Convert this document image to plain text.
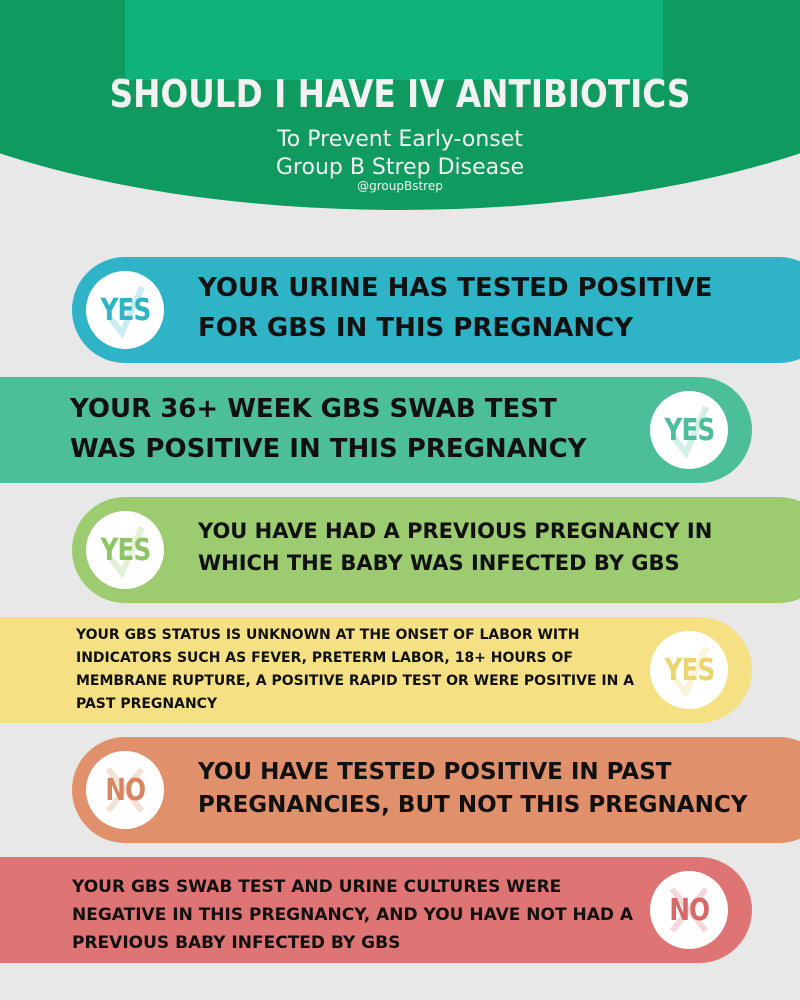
SHOULD I HAVE IV ANTIBIOTICS
To Prevent Early-onset
Group B Strep Disease
@groupBstrep
YES
YOUR URINE HAS TESTED POSITIVE FOR GBS IN THIS PREGNANCY
YES
YOUR 36+ WEEK GBS SWAB TEST WAS POSITIVE IN THIS PREGNANCY
YES
YOU HAVE HAD A PREVIOUS PREGNANCY IN WHICH THE BABY WAS INFECTED BY GBS
YES
YOUR GBS STATUS IS UNKNOWN AT THE ONSET OF LABOR WITH INDICATORS SUCH AS FEVER, PRETERM LABOR, 18+ HOURS OF MEMBRANE RUPTURE, A POSITIVE RAPID TEST OR WERE POSITIVE IN A PAST PREGNANCY
NO
YOU HAVE TESTED POSITIVE IN PAST PREGNANCIES, BUT NOT THIS PREGNANCY
NO
YOUR GBS SWAB TEST AND URINE CULTURES WERE NEGATIVE IN THIS PREGNANCY, AND YOU HAVE NOT HAD A PREVIOUS BABY INFECTED BY GBS
